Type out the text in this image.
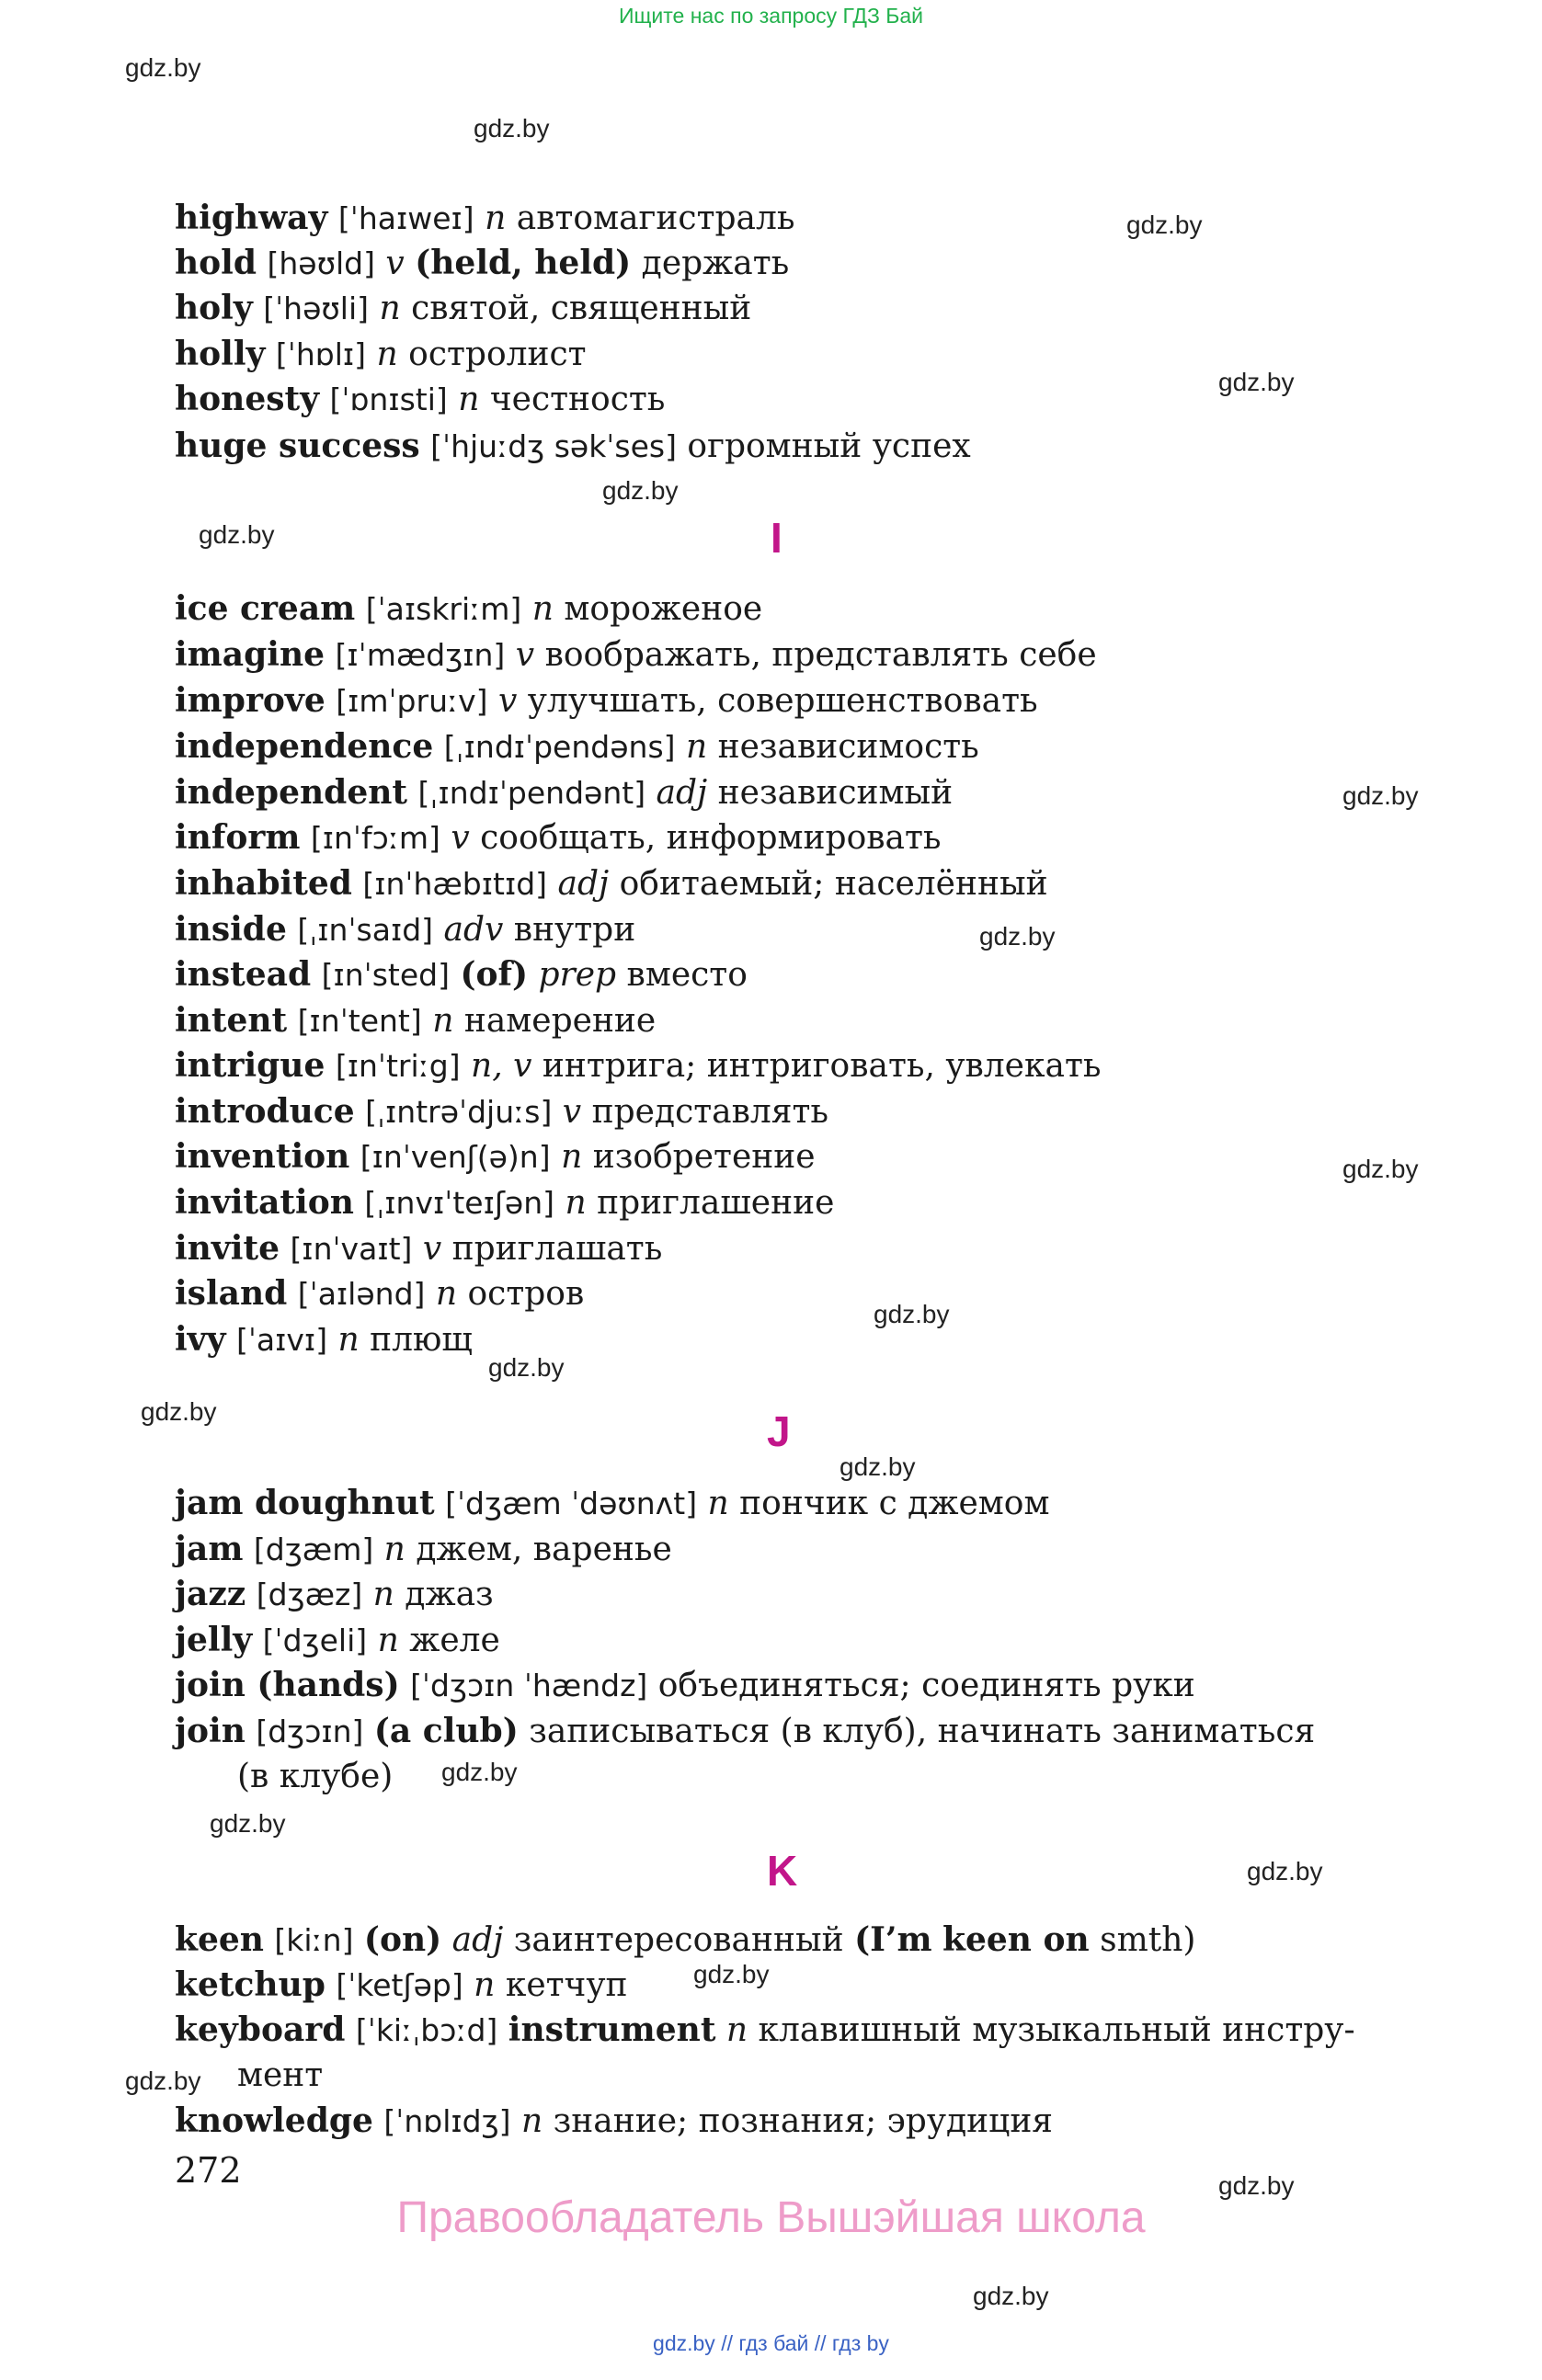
Ищите нас по запросу ГДЗ Бай
gdz.by
gdz.by
gdz.by
gdz.by
gdz.by
gdz.by
gdz.by
gdz.by
gdz.by
gdz.by
gdz.by
gdz.by
gdz.by
gdz.by
gdz.by
gdz.by
gdz.by
gdz.by
gdz.by
gdz.by
highway [ˈhaɪweɪ] n автомагистраль
hold [həʊld] v (held, held) держать
holy [ˈhəʊli] n святой, священный
holly [ˈhɒlɪ] n остролист
honesty [ˈɒnɪsti] n честность
huge success [ˈhjuːdʒ səkˈses] огромный успех
I
ice cream [ˈaɪskriːm] n мороженое
imagine [ɪˈmædʒɪn] v воображать, представлять себе
improve [ɪmˈpruːv] v улучшать, совершенствовать
independence [ˌɪndɪˈpendəns] n независимость
independent [ˌɪndɪˈpendənt] adj независимый
inform [ɪnˈfɔːm] v сообщать, информировать
inhabited [ɪnˈhæbɪtɪd] adj обитаемый; населённый
inside [ˌɪnˈsaɪd] adv внутри
instead [ɪnˈsted] (of) prep вместо
intent [ɪnˈtent] n намерение
intrigue [ɪnˈtriːg] n, v интрига; интриговать, увлекать
introduce [ˌɪntrəˈdjuːs] v представлять
invention [ɪnˈvenʃ(ə)n] n изобретение
invitation [ˌɪnvɪˈteɪʃən] n приглашение
invite [ɪnˈvaɪt] v приглашать
island [ˈaɪlənd] n остров
ivy [ˈaɪvɪ] n плющ
J
jam doughnut [ˈdʒæm ˈdəʊnʌt] n пончик с джемом
jam [dʒæm] n джем, варенье
jazz [dʒæz] n джаз
jelly [ˈdʒeli] n желе
join (hands) [ˈdʒɔɪn ˈhændz] объединяться; соединять руки
join [dʒɔɪn] (a club) записываться (в клуб), начинать заниматься
(в клубе)
K
keen [kiːn] (on) adj заинтересованный (I’m keen on smth)
ketchup [ˈketʃəp] n кетчуп
keyboard [ˈkiːˌbɔːd] instrument n клавишный музыкальный инстру-
мент
knowledge [ˈnɒlɪdʒ] n знание; познания; эрудиция
272
Правообладатель Вышэйшая школа
gdz.by // гдз бай // гдз by
